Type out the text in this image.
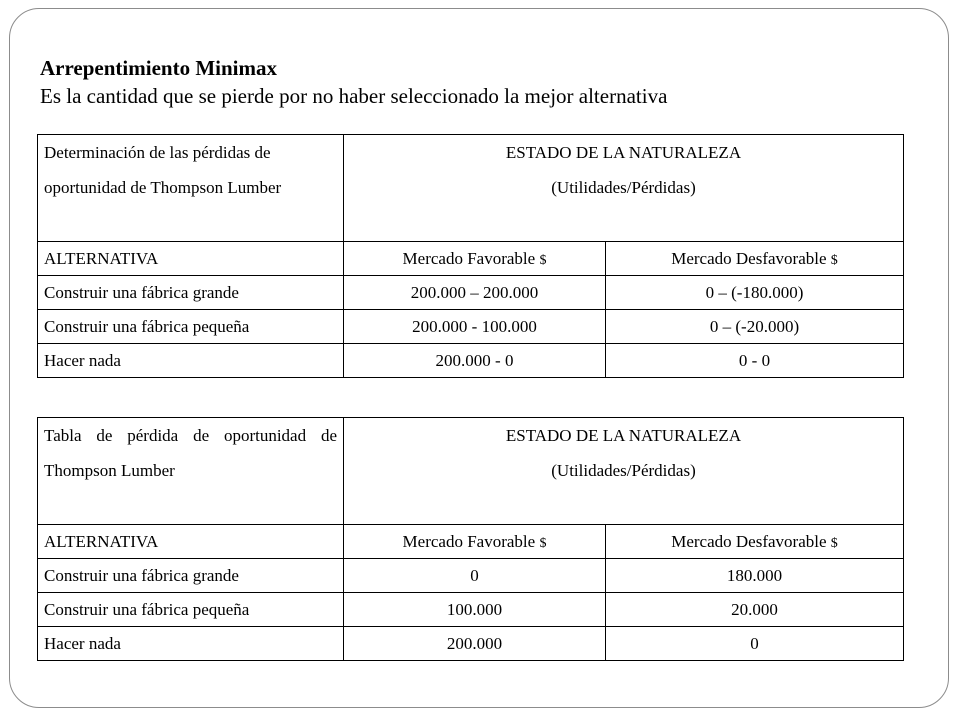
Arrepentimiento Minimax
Es la cantidad que se pierde por no haber seleccionado la mejor alternativa
Determinación de las pérdidas de oportunidad de Thompson Lumber	ESTADO DE LA NATURALEZA
(Utilidades/Pérdidas)	

ALTERNATIVA	Mercado Favorable $	Mercado Desfavorable $
Construir una fábrica grande	200.000 – 200.000	0 – (-180.000)
Construir una fábrica pequeña	200.000 - 100.000	0 – (-20.000)
Hacer nada	200.000 - 0	0 - 0
Tabla de pérdida de oportunidad de Thompson Lumber	ESTADO DE LA NATURALEZA
(Utilidades/Pérdidas)	

ALTERNATIVA	Mercado Favorable $	Mercado Desfavorable $
Construir una fábrica grande	0	180.000
Construir una fábrica pequeña	100.000	20.000
Hacer nada	200.000	0
